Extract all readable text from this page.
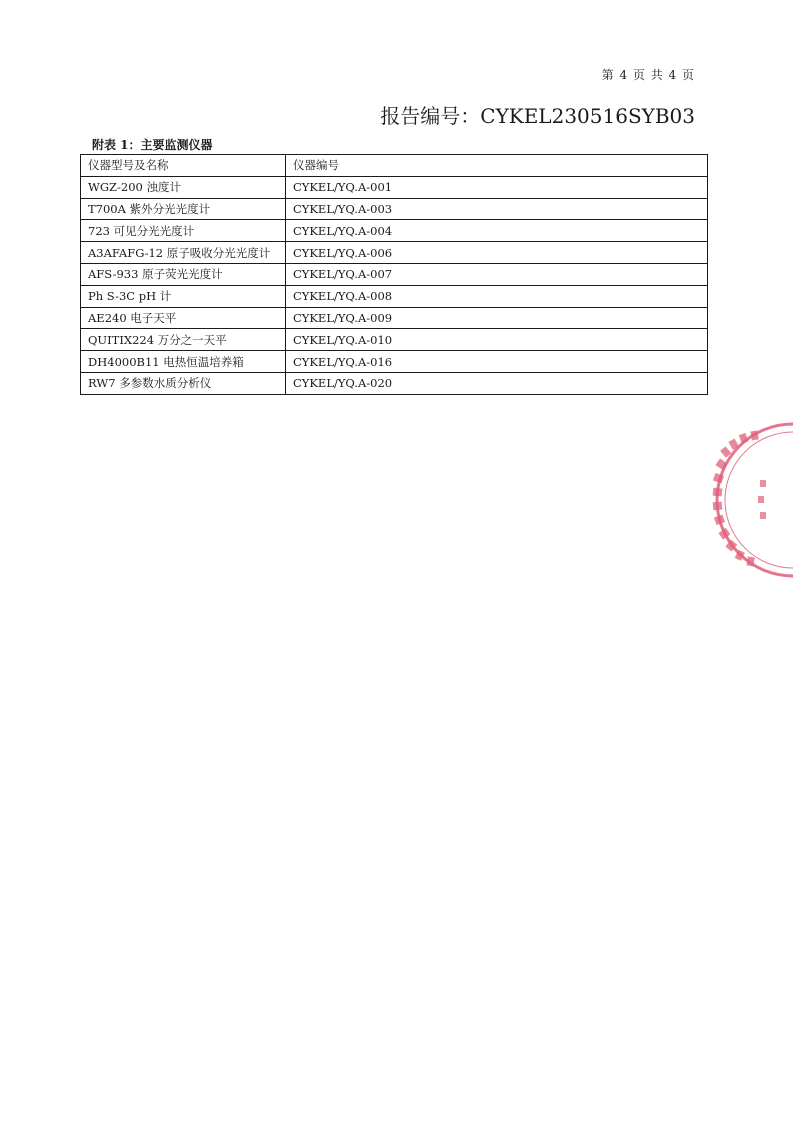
第 4 页 共 4 页
报告编号：CYKEL230516SYB03
附表 1：主要监测仪器
仪器型号及名称	仪器编号
WGZ-200 浊度计	CYKEL/YQ.A-001
T700A 紫外分光光度计	CYKEL/YQ.A-003
723 可见分光光度计	CYKEL/YQ.A-004
A3AFAFG-12 原子吸收分光光度计	CYKEL/YQ.A-006
AFS-933 原子荧光光度计	CYKEL/YQ.A-007
Ph S-3C pH 计	CYKEL/YQ.A-008
AE240 电子天平	CYKEL/YQ.A-009
QUITIX224 万分之一天平	CYKEL/YQ.A-010
DH4000B11 电热恒温培养箱	CYKEL/YQ.A-016
RW7 多参数水质分析仪	CYKEL/YQ.A-020
